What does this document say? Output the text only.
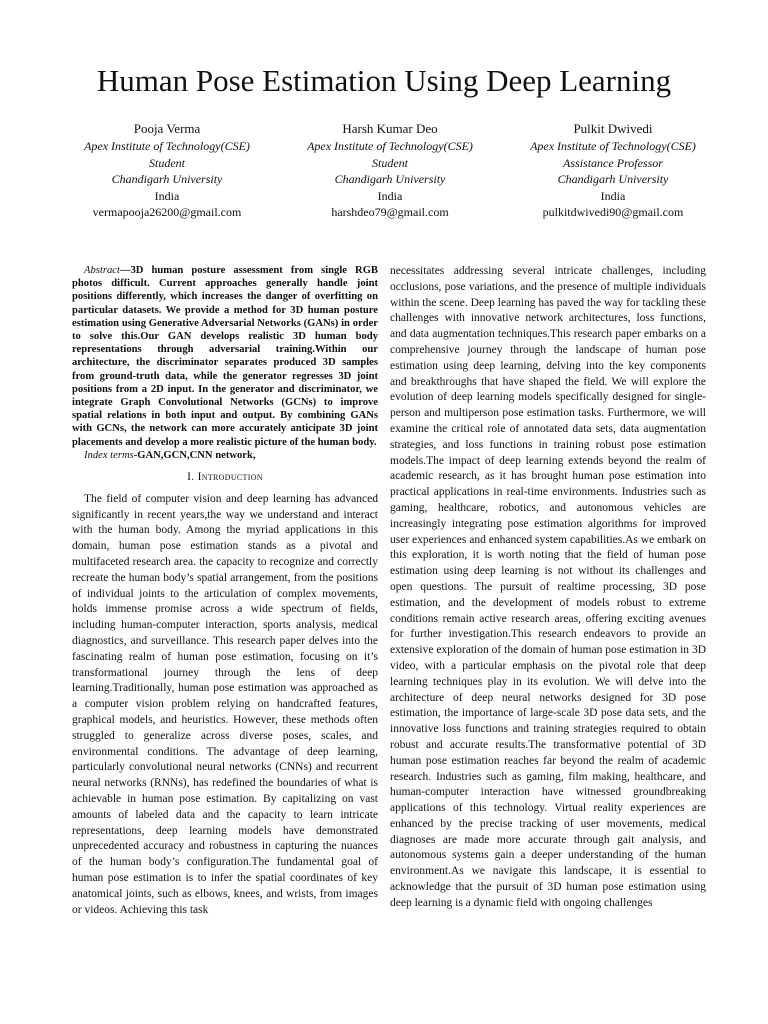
Human Pose Estimation Using Deep Learning
Pooja Verma
Apex Institute of Technology(CSE)
Student
Chandigarh University
India
vermapooja26200@gmail.com
Harsh Kumar Deo
Apex Institute of Technology(CSE)
Student
Chandigarh University
India
harshdeo79@gmail.com
Pulkit Dwivedi
Apex Institute of Technology(CSE)
Assistance Professor
Chandigarh University
India
pulkitdwivedi90@gmail.com

Abstract—3D human posture assessment from single RGB photos difficult. Current approaches generally handle joint positions differently, which increases the danger of overfitting on particular datasets. We provide a method for 3D human posture estimation using Generative Adversarial Networks (GANs) in order to solve this.Our GAN develops realistic 3D human body representations through adversarial training.Within our architecture, the discriminator separates produced 3D samples from ground-truth data, while the generator regresses 3D joint positions from a 2D input. In the generator and discriminator, we integrate Graph Convolutional Networks (GCNs) to improve spatial relations in both input and output. By combining GANs with GCNs, the network can more accurately anticipate 3D joint placements and develop a more realistic picture of the human body.

Index terms-GAN,GCN,CNN network,

I. Introduction

The field of computer vision and deep learning has advanced significantly in recent years,the way we understand and interact with the human body. Among the myriad applications in this domain, human pose estimation stands as a pivotal and multifaceted research area. the capacity to recognize and correctly recreate the human body’s spatial arrangement, from the positions of individual joints to the articulation of complex movements, holds immense promise across a wide spectrum of fields, including human-computer interaction, sports analysis, medical diagnostics, and surveillance. This research paper delves into the fascinating realm of human pose estimation, focusing on it’s transformational journey through the lens of deep learning.Traditionally, human pose estimation was approached as a computer vision problem relying on handcrafted features, graphical models, and heuristics. However, these methods often struggled to generalize across diverse poses, scales, and environmental conditions. The advantage of deep learning, particularly convolutional neural networks (CNNs) and recurrent neural networks (RNNs), has redefined the boundaries of what is achievable in human pose estimation. By capitalizing on vast amounts of labeled data and the capacity to learn intricate representations, deep learning models have demonstrated unprecedented accuracy and robustness in capturing the nuances of the human body’s configuration.The fundamental goal of human pose estimation is to infer the spatial coordinates of key anatomical joints, such as elbows, knees, and wrists, from images or videos. Achieving this task

necessitates addressing several intricate challenges, including occlusions, pose variations, and the presence of multiple individuals within the scene. Deep learning has paved the way for tackling these challenges with innovative network architectures, loss functions, and data augmentation techniques.This research paper embarks on a comprehensive journey through the landscape of human pose estimation using deep learning, delving into the key components and breakthroughs that have shaped the field. We will explore the evolution of deep learning models specifically designed for single-person and multiperson pose estimation tasks. Furthermore, we will examine the critical role of annotated data sets, data augmentation strategies, and loss functions in training robust pose estimation models.The impact of deep learning extends beyond the realm of academic research, as it has brought human pose estimation into practical applications in real-time environments. Industries such as gaming, healthcare, robotics, and autonomous vehicles are increasingly integrating pose estimation algorithms for improved user experiences and enhanced system capabilities.As we embark on this exploration, it is worth noting that the field of human pose estimation using deep learning is not without its challenges and open questions. The pursuit of realtime processing, 3D pose estimation, and the development of models robust to extreme conditions remain active research areas, offering exciting avenues for further investigation.This research endeavors to provide an extensive exploration of the domain of human pose estimation in 3D video, with a particular emphasis on the pivotal role that deep learning techniques play in its evolution. We will delve into the architecture of deep neural networks designed for 3D pose estimation, the importance of large-scale 3D pose data sets, and the innovative loss functions and training strategies required to obtain robust and accurate results.The transformative potential of 3D human pose estimation reaches far beyond the realm of academic research. Industries such as gaming, film making, healthcare, and human-computer interaction have witnessed groundbreaking applications of this technology. Virtual reality experiences are enhanced by the precise tracking of user movements, medical diagnoses are made more accurate through gait analysis, and autonomous systems gain a deeper understanding of the human environment.As we navigate this landscape, it is essential to acknowledge that the pursuit of 3D human pose estimation using deep learning is a dynamic field with ongoing challenges
